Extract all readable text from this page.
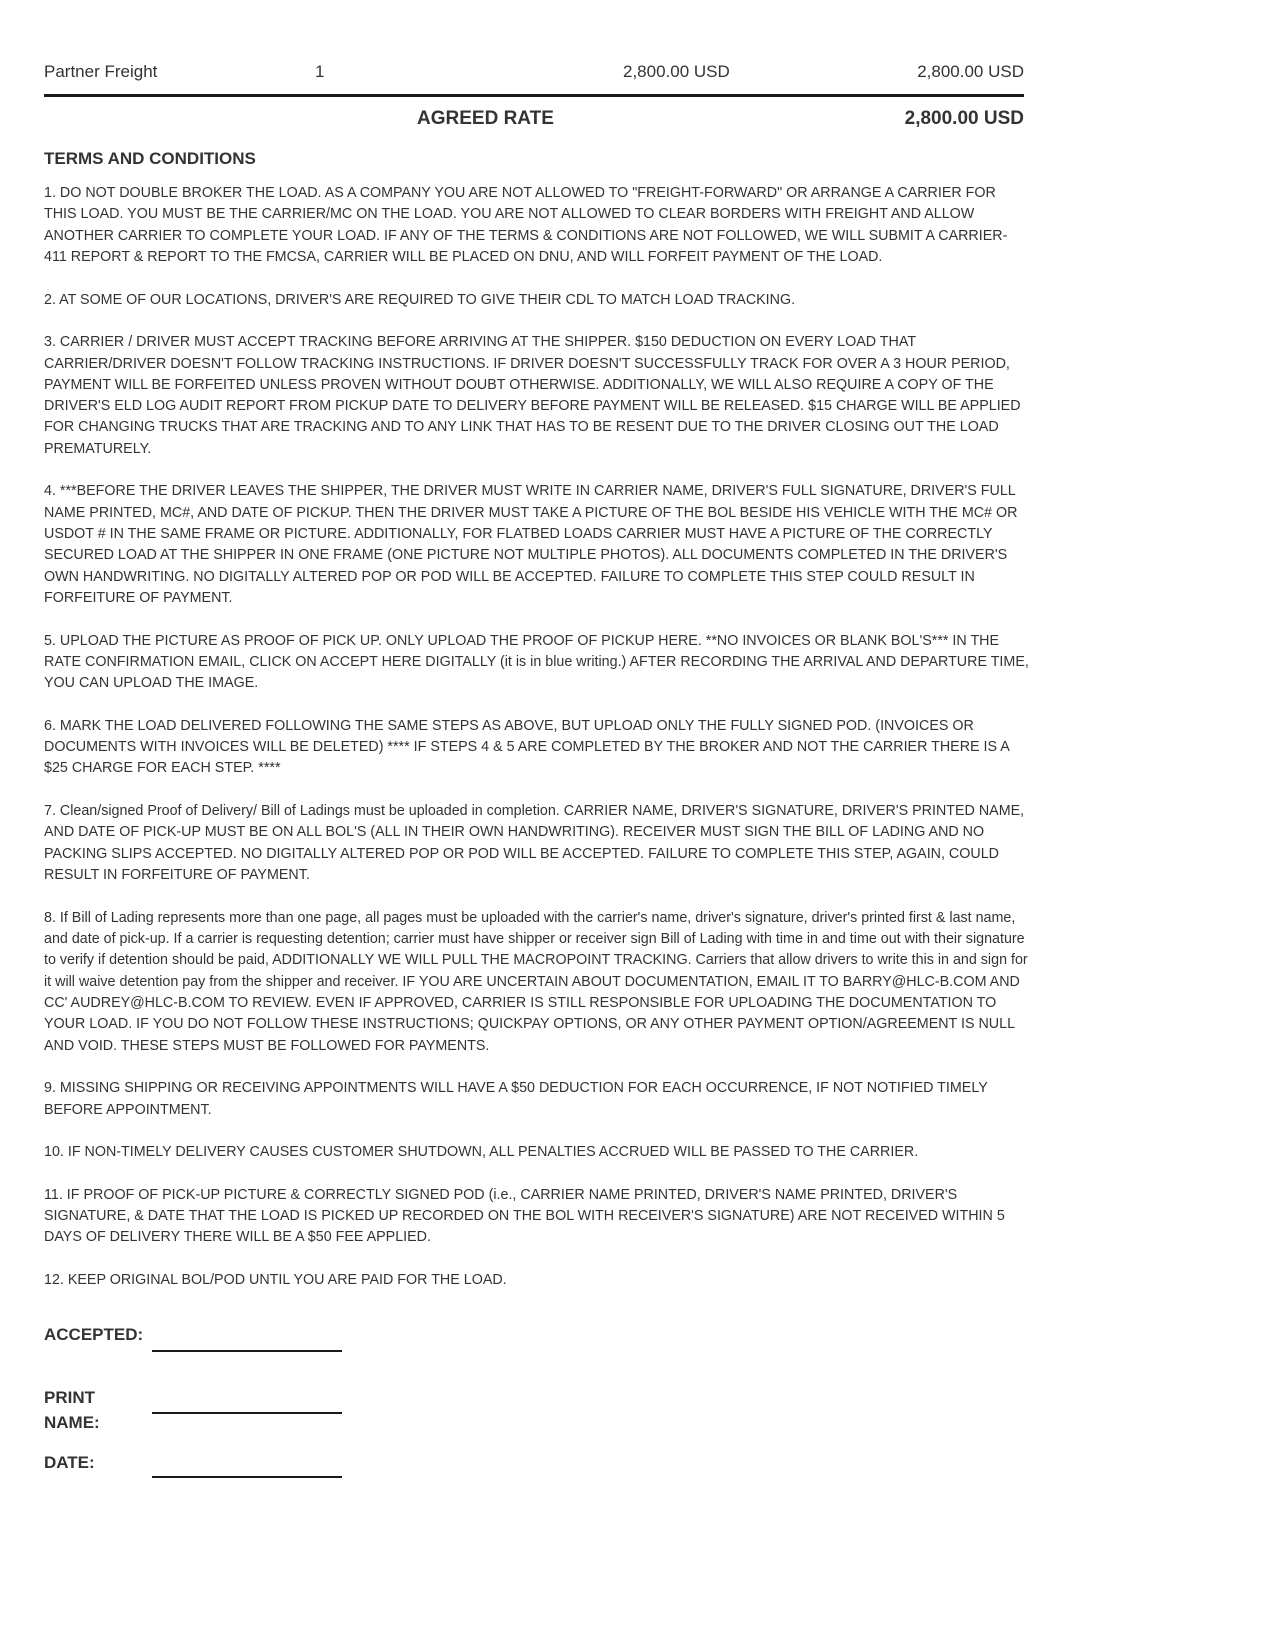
Partner Freight	1	2,800.00 USD	2,800.00 USD
AGREED RATE	2,800.00 USD
TERMS AND CONDITIONS

1. DO NOT DOUBLE BROKER THE LOAD. AS A COMPANY YOU ARE NOT ALLOWED TO "FREIGHT-FORWARD" OR ARRANGE A CARRIER FOR THIS LOAD. YOU MUST BE THE CARRIER/MC ON THE LOAD. YOU ARE NOT ALLOWED TO CLEAR BORDERS WITH FREIGHT AND ALLOW ANOTHER CARRIER TO COMPLETE YOUR LOAD. IF ANY OF THE TERMS & CONDITIONS ARE NOT FOLLOWED, WE WILL SUBMIT A CARRIER-411 REPORT & REPORT TO THE FMCSA, CARRIER WILL BE PLACED ON DNU, AND WILL FORFEIT PAYMENT OF THE LOAD.

2. AT SOME OF OUR LOCATIONS, DRIVER'S ARE REQUIRED TO GIVE THEIR CDL TO MATCH LOAD TRACKING.

3. CARRIER / DRIVER MUST ACCEPT TRACKING BEFORE ARRIVING AT THE SHIPPER. $150 DEDUCTION ON EVERY LOAD THAT CARRIER/DRIVER DOESN'T FOLLOW TRACKING INSTRUCTIONS. IF DRIVER DOESN'T SUCCESSFULLY TRACK FOR OVER A 3 HOUR PERIOD, PAYMENT WILL BE FORFEITED UNLESS PROVEN WITHOUT DOUBT OTHERWISE. ADDITIONALLY, WE WILL ALSO REQUIRE A COPY OF THE DRIVER'S ELD LOG AUDIT REPORT FROM PICKUP DATE TO DELIVERY BEFORE PAYMENT WILL BE RELEASED. $15 CHARGE WILL BE APPLIED FOR CHANGING TRUCKS THAT ARE TRACKING AND TO ANY LINK THAT HAS TO BE RESENT DUE TO THE DRIVER CLOSING OUT THE LOAD PREMATURELY.

4. ***BEFORE THE DRIVER LEAVES THE SHIPPER, THE DRIVER MUST WRITE IN CARRIER NAME, DRIVER'S FULL SIGNATURE, DRIVER'S FULL NAME PRINTED, MC#, AND DATE OF PICKUP. THEN THE DRIVER MUST TAKE A PICTURE OF THE BOL BESIDE HIS VEHICLE WITH THE MC# OR USDOT # IN THE SAME FRAME OR PICTURE. ADDITIONALLY, FOR FLATBED LOADS CARRIER MUST HAVE A PICTURE OF THE CORRECTLY SECURED LOAD AT THE SHIPPER IN ONE FRAME (ONE PICTURE NOT MULTIPLE PHOTOS). ALL DOCUMENTS COMPLETED IN THE DRIVER'S OWN HANDWRITING. NO DIGITALLY ALTERED POP OR POD WILL BE ACCEPTED. FAILURE TO COMPLETE THIS STEP COULD RESULT IN FORFEITURE OF PAYMENT.

5. UPLOAD THE PICTURE AS PROOF OF PICK UP. ONLY UPLOAD THE PROOF OF PICKUP HERE. **NO INVOICES OR BLANK BOL'S*** IN THE RATE CONFIRMATION EMAIL, CLICK ON ACCEPT HERE DIGITALLY (it is in blue writing.) AFTER RECORDING THE ARRIVAL AND DEPARTURE TIME, YOU CAN UPLOAD THE IMAGE.

6. MARK THE LOAD DELIVERED FOLLOWING THE SAME STEPS AS ABOVE, BUT UPLOAD ONLY THE FULLY SIGNED POD. (INVOICES OR DOCUMENTS WITH INVOICES WILL BE DELETED) **** IF STEPS 4 & 5 ARE COMPLETED BY THE BROKER AND NOT THE CARRIER THERE IS A $25 CHARGE FOR EACH STEP. ****

7. Clean/signed Proof of Delivery/ Bill of Ladings must be uploaded in completion. CARRIER NAME, DRIVER'S SIGNATURE, DRIVER'S PRINTED NAME, AND DATE OF PICK-UP MUST BE ON ALL BOL'S (ALL IN THEIR OWN HANDWRITING). RECEIVER MUST SIGN THE BILL OF LADING AND NO PACKING SLIPS ACCEPTED. NO DIGITALLY ALTERED POP OR POD WILL BE ACCEPTED. FAILURE TO COMPLETE THIS STEP, AGAIN, COULD RESULT IN FORFEITURE OF PAYMENT.

8. If Bill of Lading represents more than one page, all pages must be uploaded with the carrier's name, driver's signature, driver's printed first & last name, and date of pick-up. If a carrier is requesting detention; carrier must have shipper or receiver sign Bill of Lading with time in and time out with their signature to verify if detention should be paid, ADDITIONALLY WE WILL PULL THE MACROPOINT TRACKING. Carriers that allow drivers to write this in and sign for it will waive detention pay from the shipper and receiver. IF YOU ARE UNCERTAIN ABOUT DOCUMENTATION, EMAIL IT TO BARRY@HLC-B.COM AND CC' AUDREY@HLC-B.COM TO REVIEW. EVEN IF APPROVED, CARRIER IS STILL RESPONSIBLE FOR UPLOADING THE DOCUMENTATION TO YOUR LOAD. IF YOU DO NOT FOLLOW THESE INSTRUCTIONS; QUICKPAY OPTIONS, OR ANY OTHER PAYMENT OPTION/AGREEMENT IS NULL AND VOID. THESE STEPS MUST BE FOLLOWED FOR PAYMENTS.

9. MISSING SHIPPING OR RECEIVING APPOINTMENTS WILL HAVE A $50 DEDUCTION FOR EACH OCCURRENCE, IF NOT NOTIFIED TIMELY BEFORE APPOINTMENT.

10. IF NON-TIMELY DELIVERY CAUSES CUSTOMER SHUTDOWN, ALL PENALTIES ACCRUED WILL BE PASSED TO THE CARRIER.

11. IF PROOF OF PICK-UP PICTURE & CORRECTLY SIGNED POD (i.e., CARRIER NAME PRINTED, DRIVER'S NAME PRINTED, DRIVER'S SIGNATURE, & DATE THAT THE LOAD IS PICKED UP RECORDED ON THE BOL WITH RECEIVER'S SIGNATURE) ARE NOT RECEIVED WITHIN 5 DAYS OF DELIVERY THERE WILL BE A $50 FEE APPLIED.

12. KEEP ORIGINAL BOL/POD UNTIL YOU ARE PAID FOR THE LOAD.

ACCEPTED:
PRINT NAME:
DATE:
